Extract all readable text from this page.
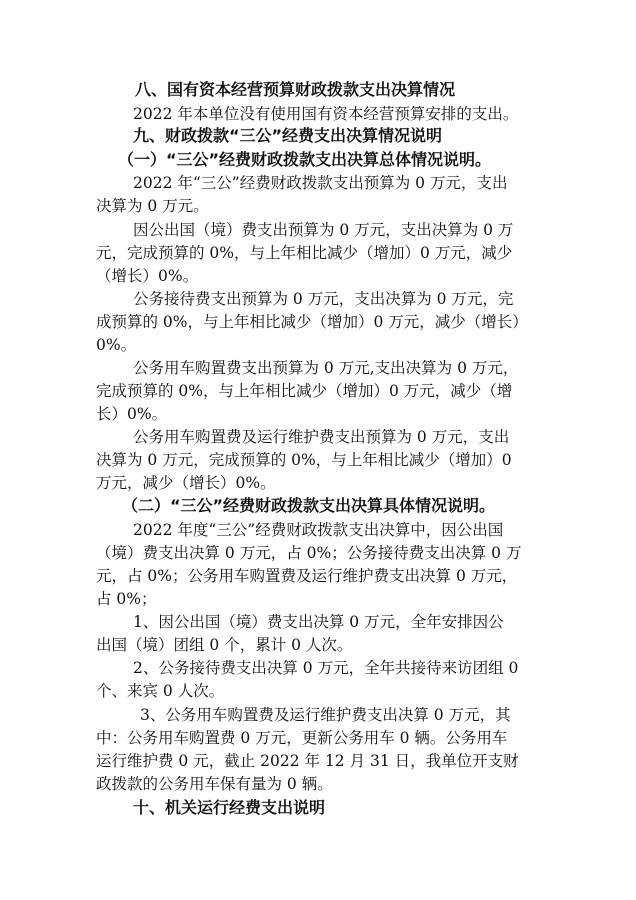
八、国有资本经营预算财政拨款支出决算情况
2022 年本单位没有使用国有资本经营预算安排的支出。
九、财政拨款“三公”经费支出决算情况说明
（一）“三公”经费财政拨款支出决算总体情况说明。
2022 年“三公”经费财政拨款支出预算为 0 万元，支出
决算为 0 万元。
因公出国（境）费支出预算为 0 万元，支出决算为 0 万
元，完成预算的 0%，与上年相比减少（增加）0 万元，减少
（增长）0%。
公务接待费支出预算为 0 万元，支出决算为 0 万元，完
成预算的 0%，与上年相比减少（增加）0 万元，减少（增长）
0%。
公务用车购置费支出预算为 0 万元,支出决算为 0 万元，
完成预算的 0%，与上年相比减少（增加）0 万元，减少（增
长）0%。
公务用车购置费及运行维护费支出预算为 0 万元，支出
决算为 0 万元，完成预算的 0%，与上年相比减少（增加）0
万元，减少（增长）0%。
（二）“三公”经费财政拨款支出决算具体情况说明。
2022 年度“三公”经费财政拨款支出决算中，因公出国
（境）费支出决算 0 万元，占 0%；公务接待费支出决算 0 万
元，占 0%；公务用车购置费及运行维护费支出决算 0 万元，
占 0%；
1、因公出国（境）费支出决算 0 万元，全年安排因公
出国（境）团组 0 个，累计 0 人次。
2、公务接待费支出决算 0 万元，全年共接待来访团组 0
个、来宾 0 人次。
3、公务用车购置费及运行维护费支出决算 0 万元，其
中：公务用车购置费 0 万元，更新公务用车 0 辆。公务用车
运行维护费 0 元，截止 2022 年 12 月 31 日，我单位开支财
政拨款的公务用车保有量为 0 辆。
十、机关运行经费支出说明
